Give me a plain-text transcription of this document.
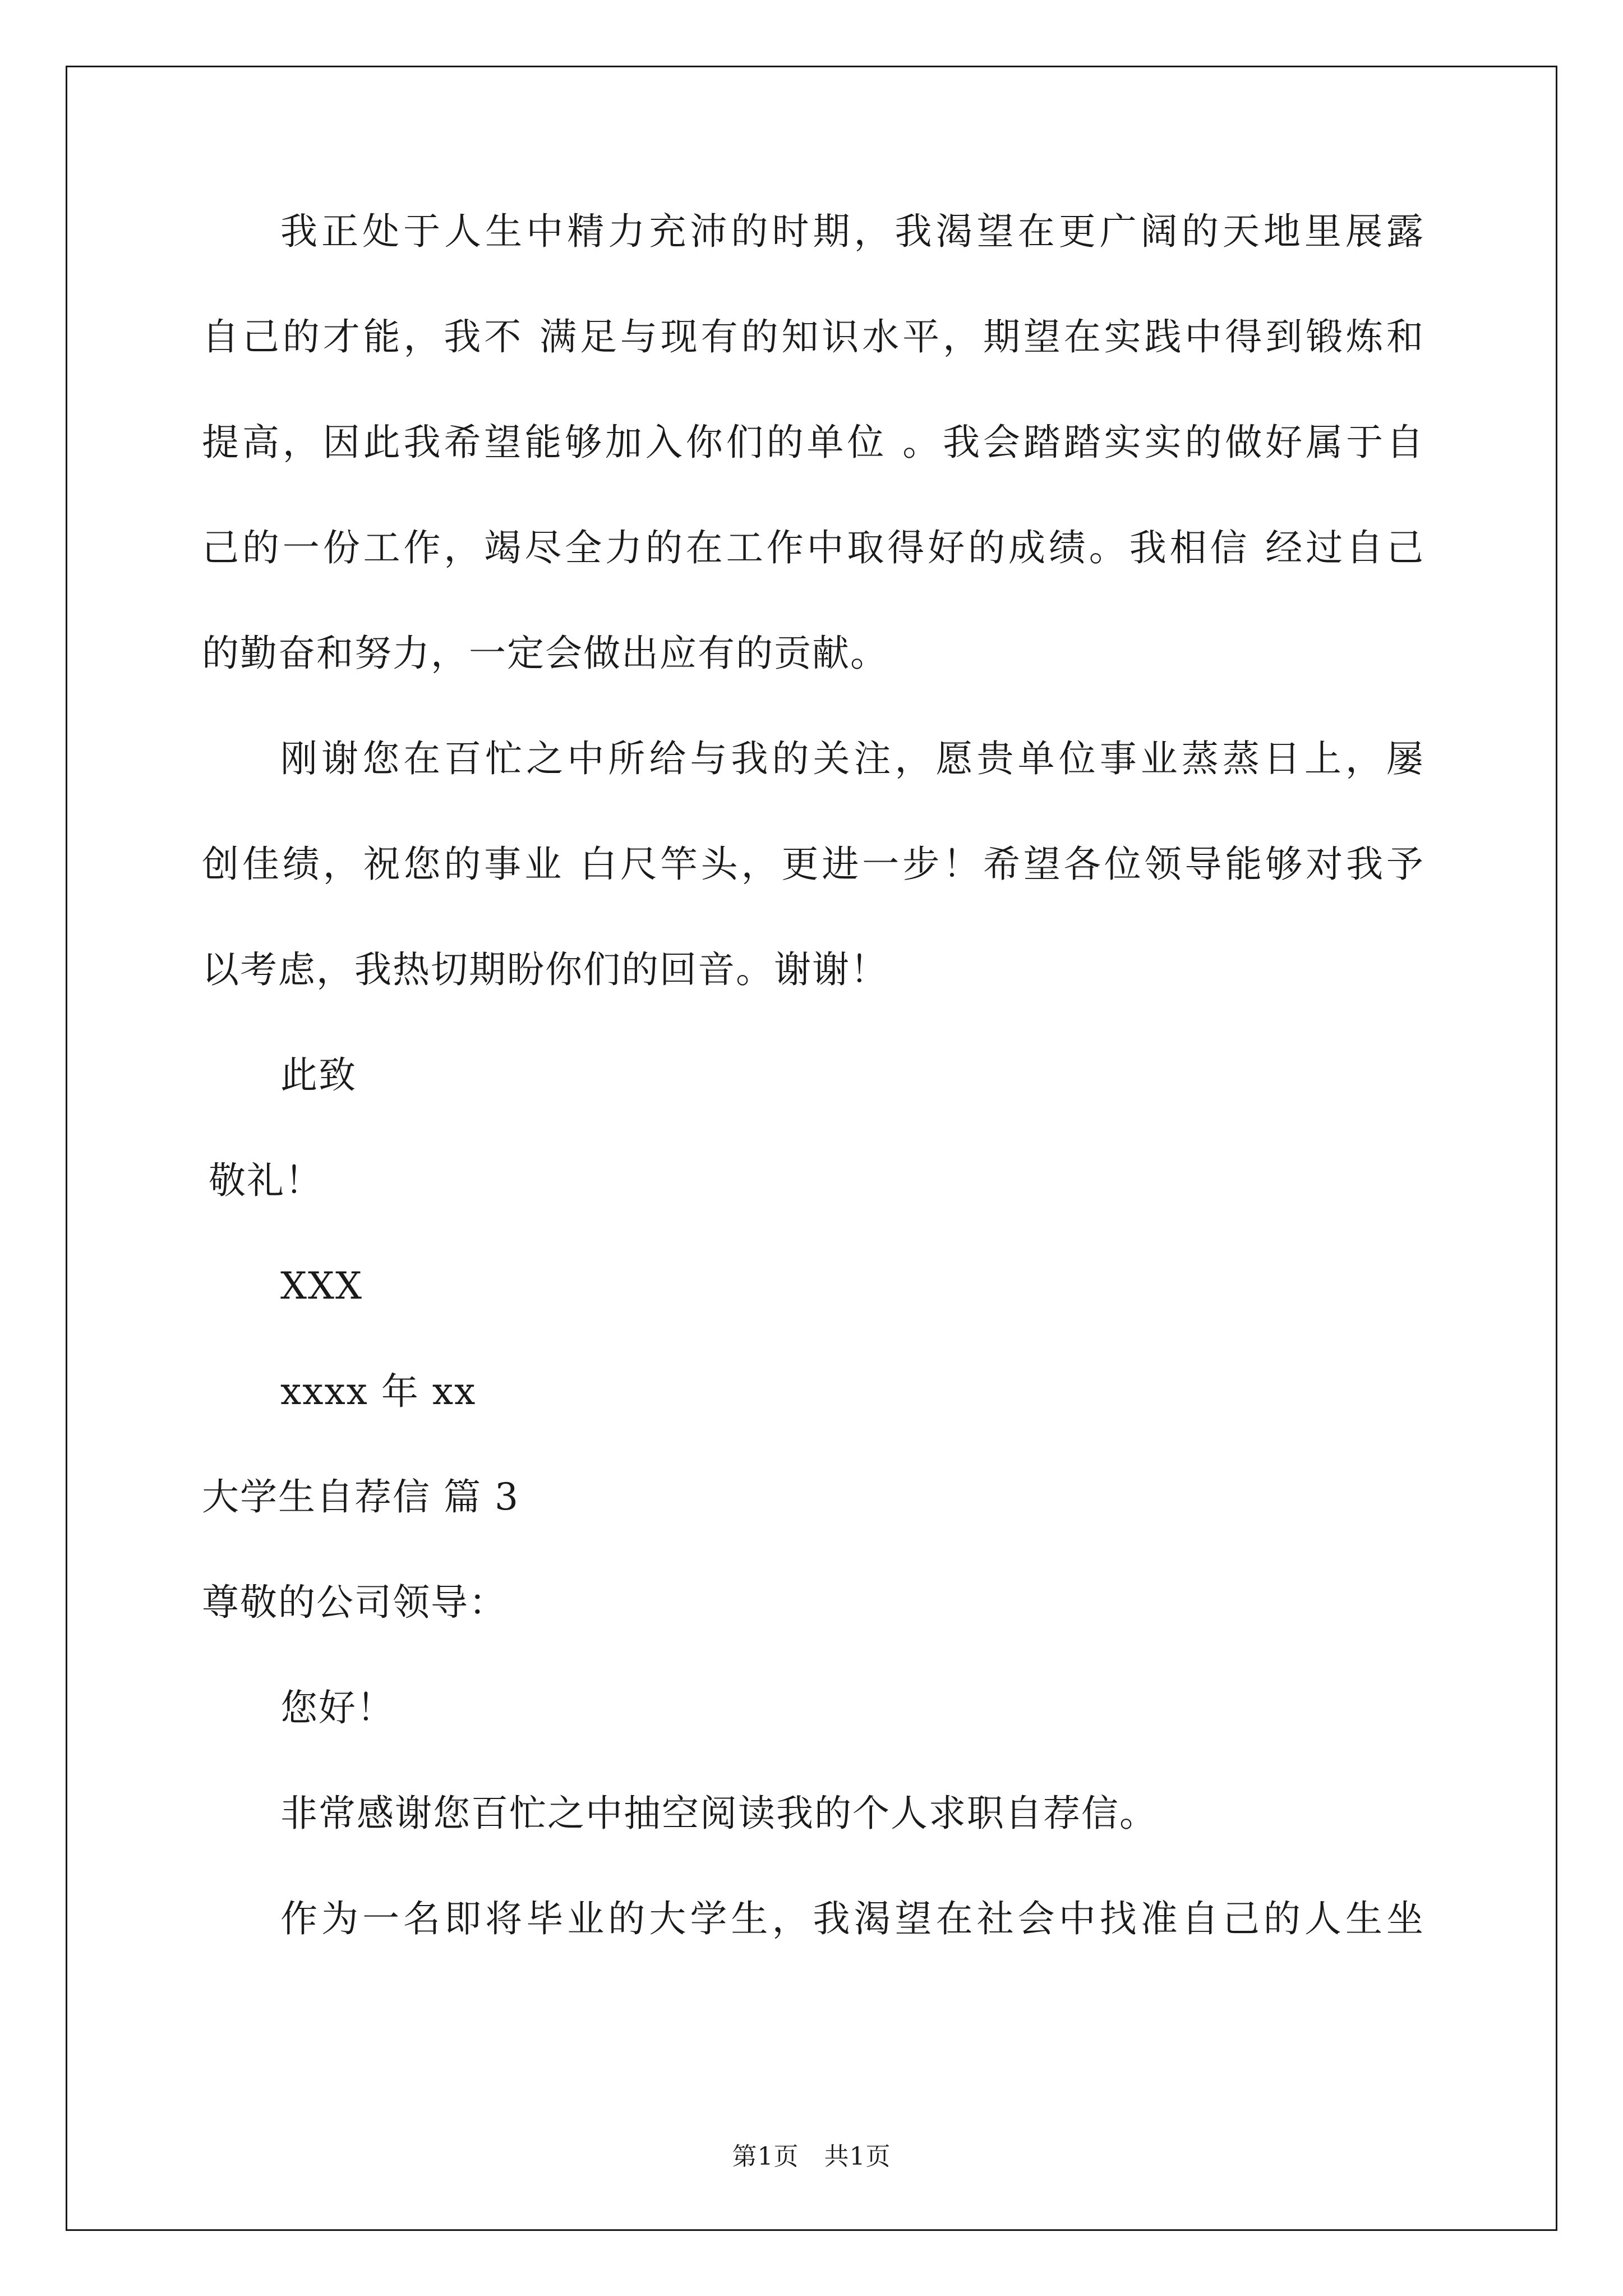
我正处于人生中精力充沛的时期，我渴望在更广阔的天地里展露
自己的才能，我不 满足与现有的知识水平，期望在实践中得到锻炼和
提高，因此我希望能够加入你们的单位 。我会踏踏实实的做好属于自
己的一份工作，竭尽全力的在工作中取得好的成绩。我相信 经过自己
的勤奋和努力，一定会做出应有的贡献。
刚谢您在百忙之中所给与我的关注，愿贵单位事业蒸蒸日上，屡
创佳绩，祝您的事业 白尺竿头，更进一步！希望各位领导能够对我予
以考虑，我热切期盼你们的回音。谢谢！
此致
敬礼！
XXX
xxxx 年 xx
大学生自荐信 篇 3
尊敬的公司领导：
您好！
非常感谢您百忙之中抽空阅读我的个人求职自荐信。
作为一名即将毕业的大学生，我渴望在社会中找准自己的人生坐
第1页　共1页
